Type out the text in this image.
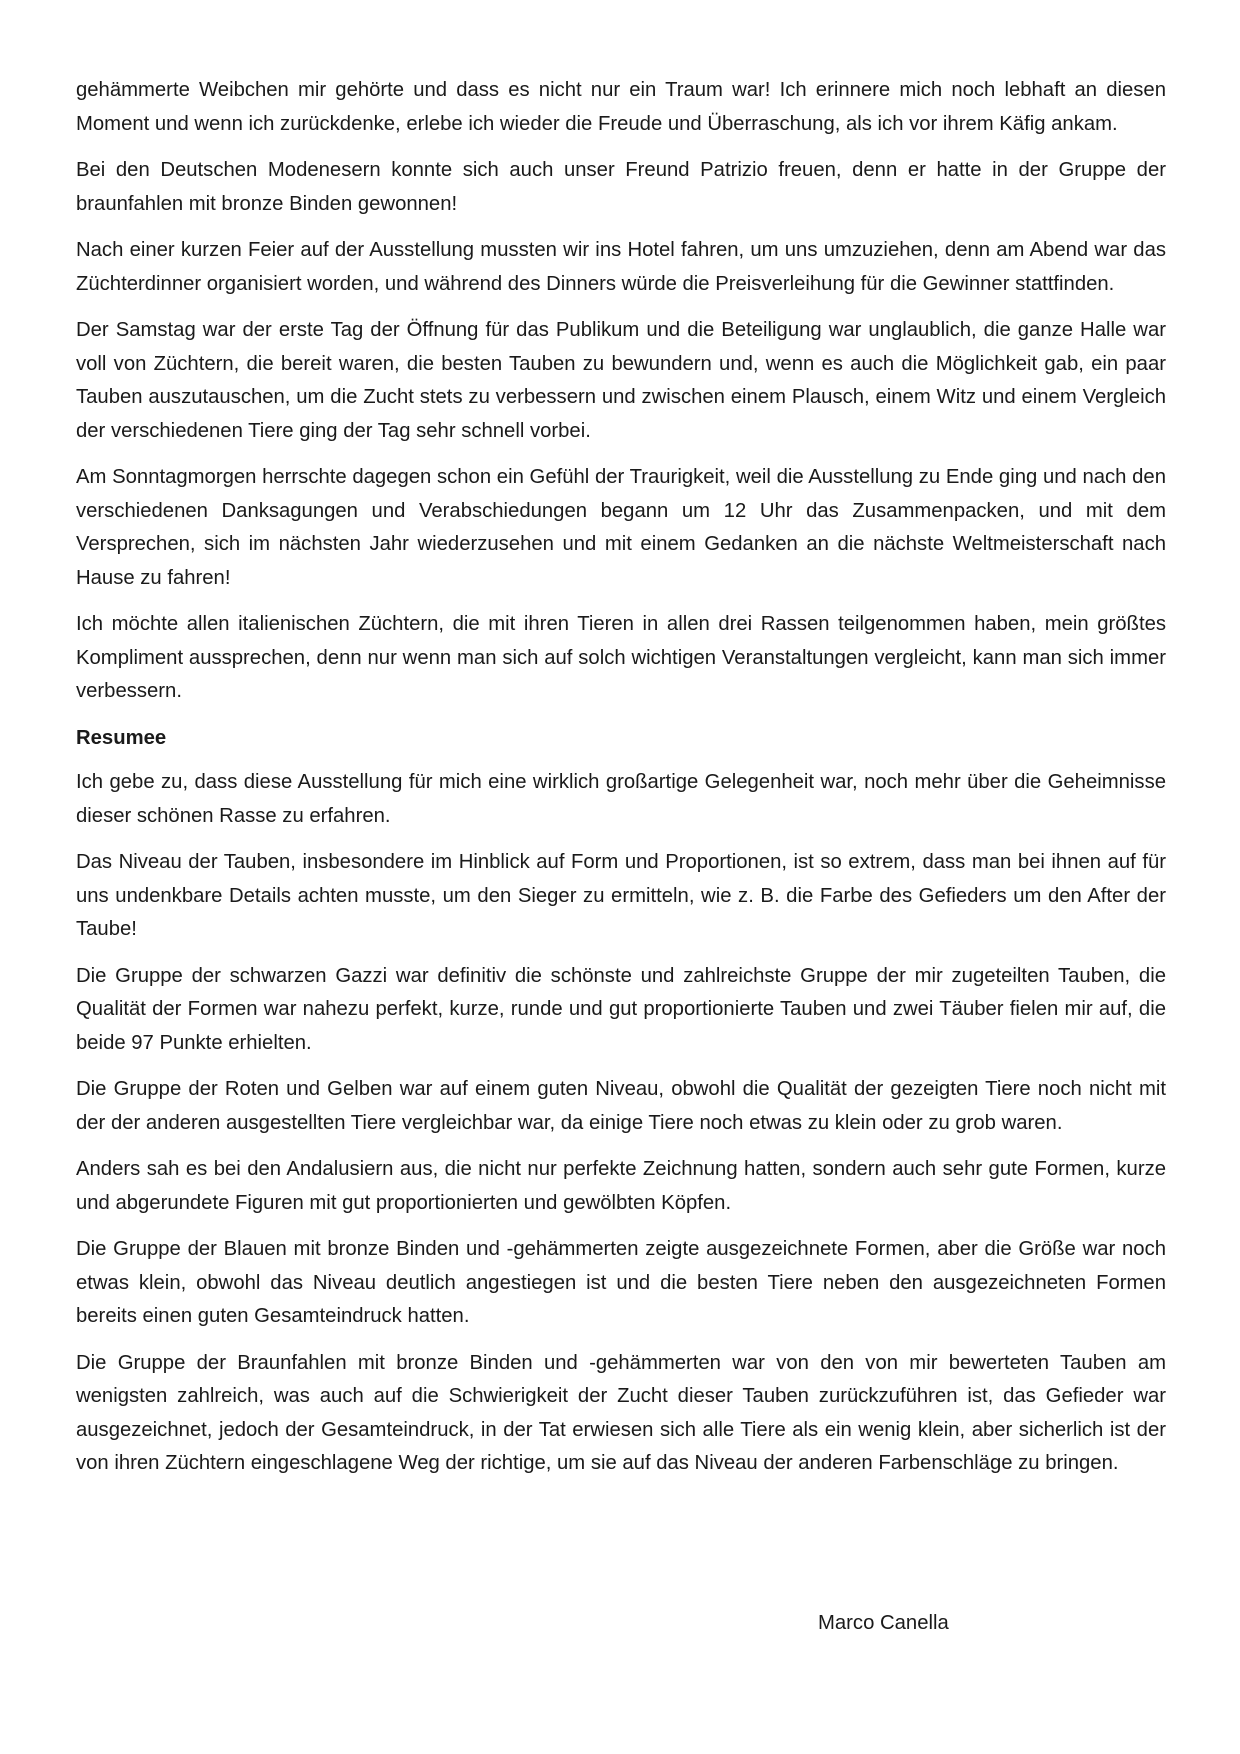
gehämmerte Weibchen mir gehörte und dass es nicht nur ein Traum war! Ich erinnere mich noch lebhaft an diesen Moment und wenn ich zurückdenke, erlebe ich wieder die Freude und Überraschung, als ich vor ihrem Käfig ankam.

Bei den Deutschen Modenesern konnte sich auch unser Freund Patrizio freuen, denn er hatte in der Gruppe der braunfahlen mit bronze Binden gewonnen!

Nach einer kurzen Feier auf der Ausstellung mussten wir ins Hotel fahren, um uns umzuziehen, denn am Abend war das Züchterdinner organisiert worden, und während des Dinners würde die Preisverleihung für die Gewinner stattfinden.

Der Samstag war der erste Tag der Öffnung für das Publikum und die Beteiligung war unglaublich, die ganze Halle war voll von Züchtern, die bereit waren, die besten Tauben zu bewundern und, wenn es auch die Möglichkeit gab, ein paar Tauben auszutauschen, um die Zucht stets zu verbessern und zwischen einem Plausch, einem Witz und einem Vergleich der verschiedenen Tiere ging der Tag sehr schnell vorbei.

Am Sonntagmorgen herrschte dagegen schon ein Gefühl der Traurigkeit, weil die Ausstellung zu Ende ging und nach den verschiedenen Danksagungen und Verabschiedungen begann um 12 Uhr das Zusammenpacken, und mit dem Versprechen, sich im nächsten Jahr wiederzusehen und mit einem Gedanken an die nächste Weltmeisterschaft nach Hause zu fahren!

Ich möchte allen italienischen Züchtern, die mit ihren Tieren in allen drei Rassen teilgenommen haben, mein größtes Kompliment aussprechen, denn nur wenn man sich auf solch wichtigen Veranstaltungen vergleicht, kann man sich immer verbessern.

Resumee

Ich gebe zu, dass diese Ausstellung für mich eine wirklich großartige Gelegenheit war, noch mehr über die Geheimnisse dieser schönen Rasse zu erfahren.

Das Niveau der Tauben, insbesondere im Hinblick auf Form und Proportionen, ist so extrem, dass man bei ihnen auf für uns undenkbare Details achten musste, um den Sieger zu ermitteln, wie z. B. die Farbe des Gefieders um den After der Taube!

Die Gruppe der schwarzen Gazzi war definitiv die schönste und zahlreichste Gruppe der mir zugeteilten Tauben, die Qualität der Formen war nahezu perfekt, kurze, runde und gut proportionierte Tauben und zwei Täuber fielen mir auf, die beide 97 Punkte erhielten.

Die Gruppe der Roten und Gelben war auf einem guten Niveau, obwohl die Qualität der gezeigten Tiere noch nicht mit der der anderen ausgestellten Tiere vergleichbar war, da einige Tiere noch etwas zu klein oder zu grob waren.

Anders sah es bei den Andalusiern aus, die nicht nur perfekte Zeichnung hatten, sondern auch sehr gute Formen, kurze und abgerundete Figuren mit gut proportionierten und gewölbten Köpfen.

Die Gruppe der Blauen mit bronze Binden und -gehämmerten zeigte ausgezeichnete Formen, aber die Größe war noch etwas klein, obwohl das Niveau deutlich angestiegen ist und die besten Tiere neben den ausgezeichneten Formen bereits einen guten Gesamteindruck hatten.

Die Gruppe der Braunfahlen mit bronze Binden und -gehämmerten war von den von mir bewerteten Tauben am wenigsten zahlreich, was auch auf die Schwierigkeit der Zucht dieser Tauben zurückzuführen ist, das Gefieder war ausgezeichnet, jedoch der Gesamteindruck, in der Tat erwiesen sich alle Tiere als ein wenig klein, aber sicherlich ist der von ihren Züchtern eingeschlagene Weg der richtige, um sie auf das Niveau der anderen Farbenschläge zu bringen.

Marco Canella
